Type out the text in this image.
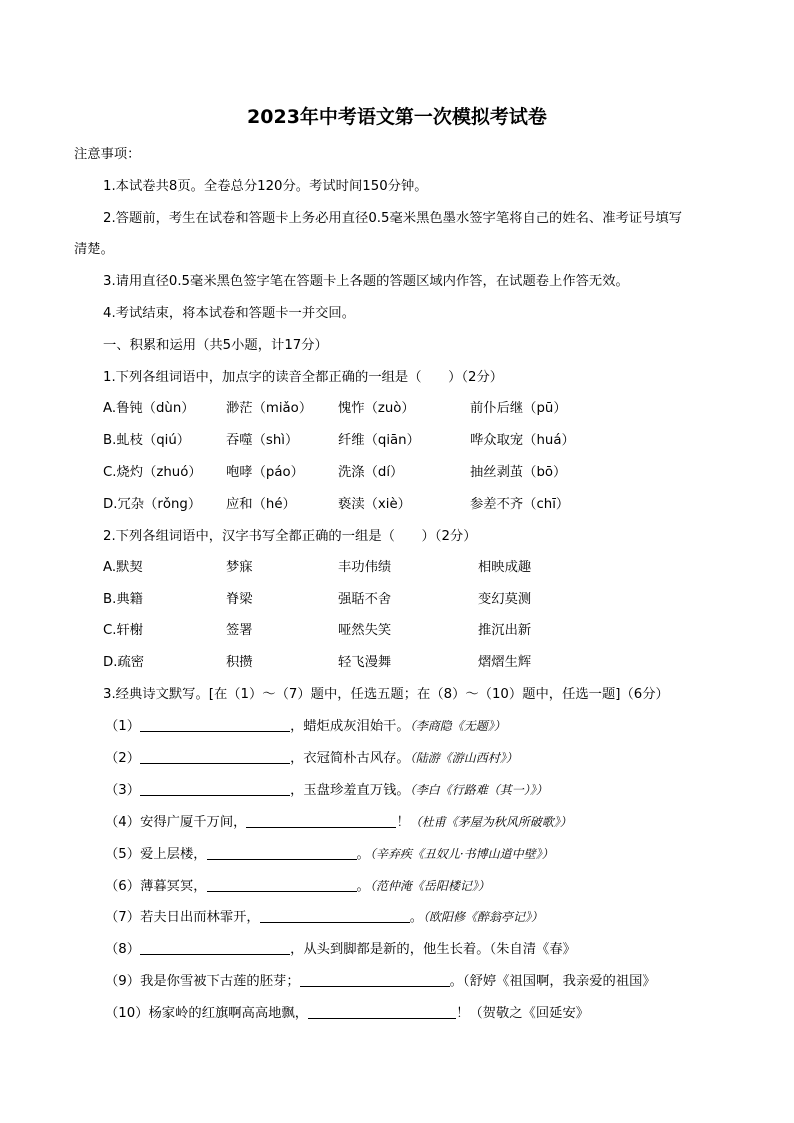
2023年中考语文第一次模拟考试卷
注意事项：
1.本试卷共8页。全卷总分120分。考试时间150分钟。
2.答题前，考生在试卷和答题卡上务必用直径0.5毫米黑色墨水签字笔将自己的姓名、准考证号填写
清楚。
3.请用直径0.5毫米黑色签字笔在答题卡上各题的答题区域内作答，在试题卷上作答无效。
4.考试结束，将本试卷和答题卡一并交回。
一、积累和运用（共5小题，计17分）
1.下列各组词语中，加点字的读音全都正确的一组是（　　）（2分）
A.鲁钝（dùn） 渺茫（miǎo） 愧怍（zuò）	前仆后继（pū）
B.虬枝（qiú）	吞噬（shì）	纤维（qiān）	哗众取宠（huá）
C.烧灼（zhuó） 咆哮（páo）	洗涤（dí）	抽丝剥茧（bō）
D.冗杂（rǒng） 应和（hé）	亵渎（xiè）	参差不齐（chī）
2.下列各组词语中，汉字书写全都正确的一组是（　　）（2分）
A.默契	梦寐	丰功伟绩	相映成趣
B.典籍	脊梁	强聒不舍	变幻莫测
C.轩榭	签署	哑然失笑	推沉出新
D.疏密	积攒	轻飞漫舞	熠熠生辉
3.经典诗文默写。[在（1）～（7）题中，任选五题；在（8）～（10）题中，任选一题]（6分）
（1）	，蜡炬成灰泪始干。（李商隐《无题》）
（2）	，衣冠简朴古风存。（陆游《游山西村》）
（3）	，玉盘珍羞直万钱。（李白《行路难（其一）》）
（4）安得广厦千万间，	！（杜甫《茅屋为秋风所破歌》）
（5）爱上层楼，	。（辛弃疾《丑奴儿·书博山道中壁》）
（6）薄暮冥冥，	。（范仲淹《岳阳楼记》）
（7）若夫日出而林霏开，	。（欧阳修《醉翁亭记》）
（8）	，从头到脚都是新的，他生长着。（朱自清《春》
（9）我是你雪被下古莲的胚芽；	。（舒婷《祖国啊，我亲爱的祖国》
（10）杨家岭的红旗啊高高地飘，	！（贺敬之《回延安》
